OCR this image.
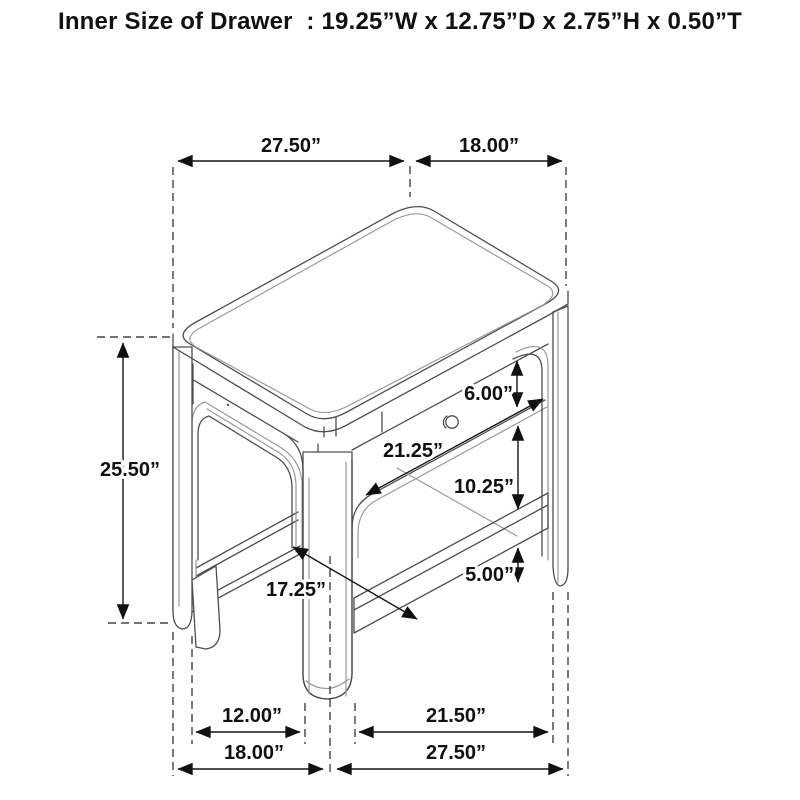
Inner Size of Drawer  : 19.25”W x 12.75”D x 2.75”H x 0.50”T
27.50”	18.00”
25.50”
6.00”
21.25”
10.25”
17.25”
5.00”
12.00”	21.50”
18.00”	27.50”
